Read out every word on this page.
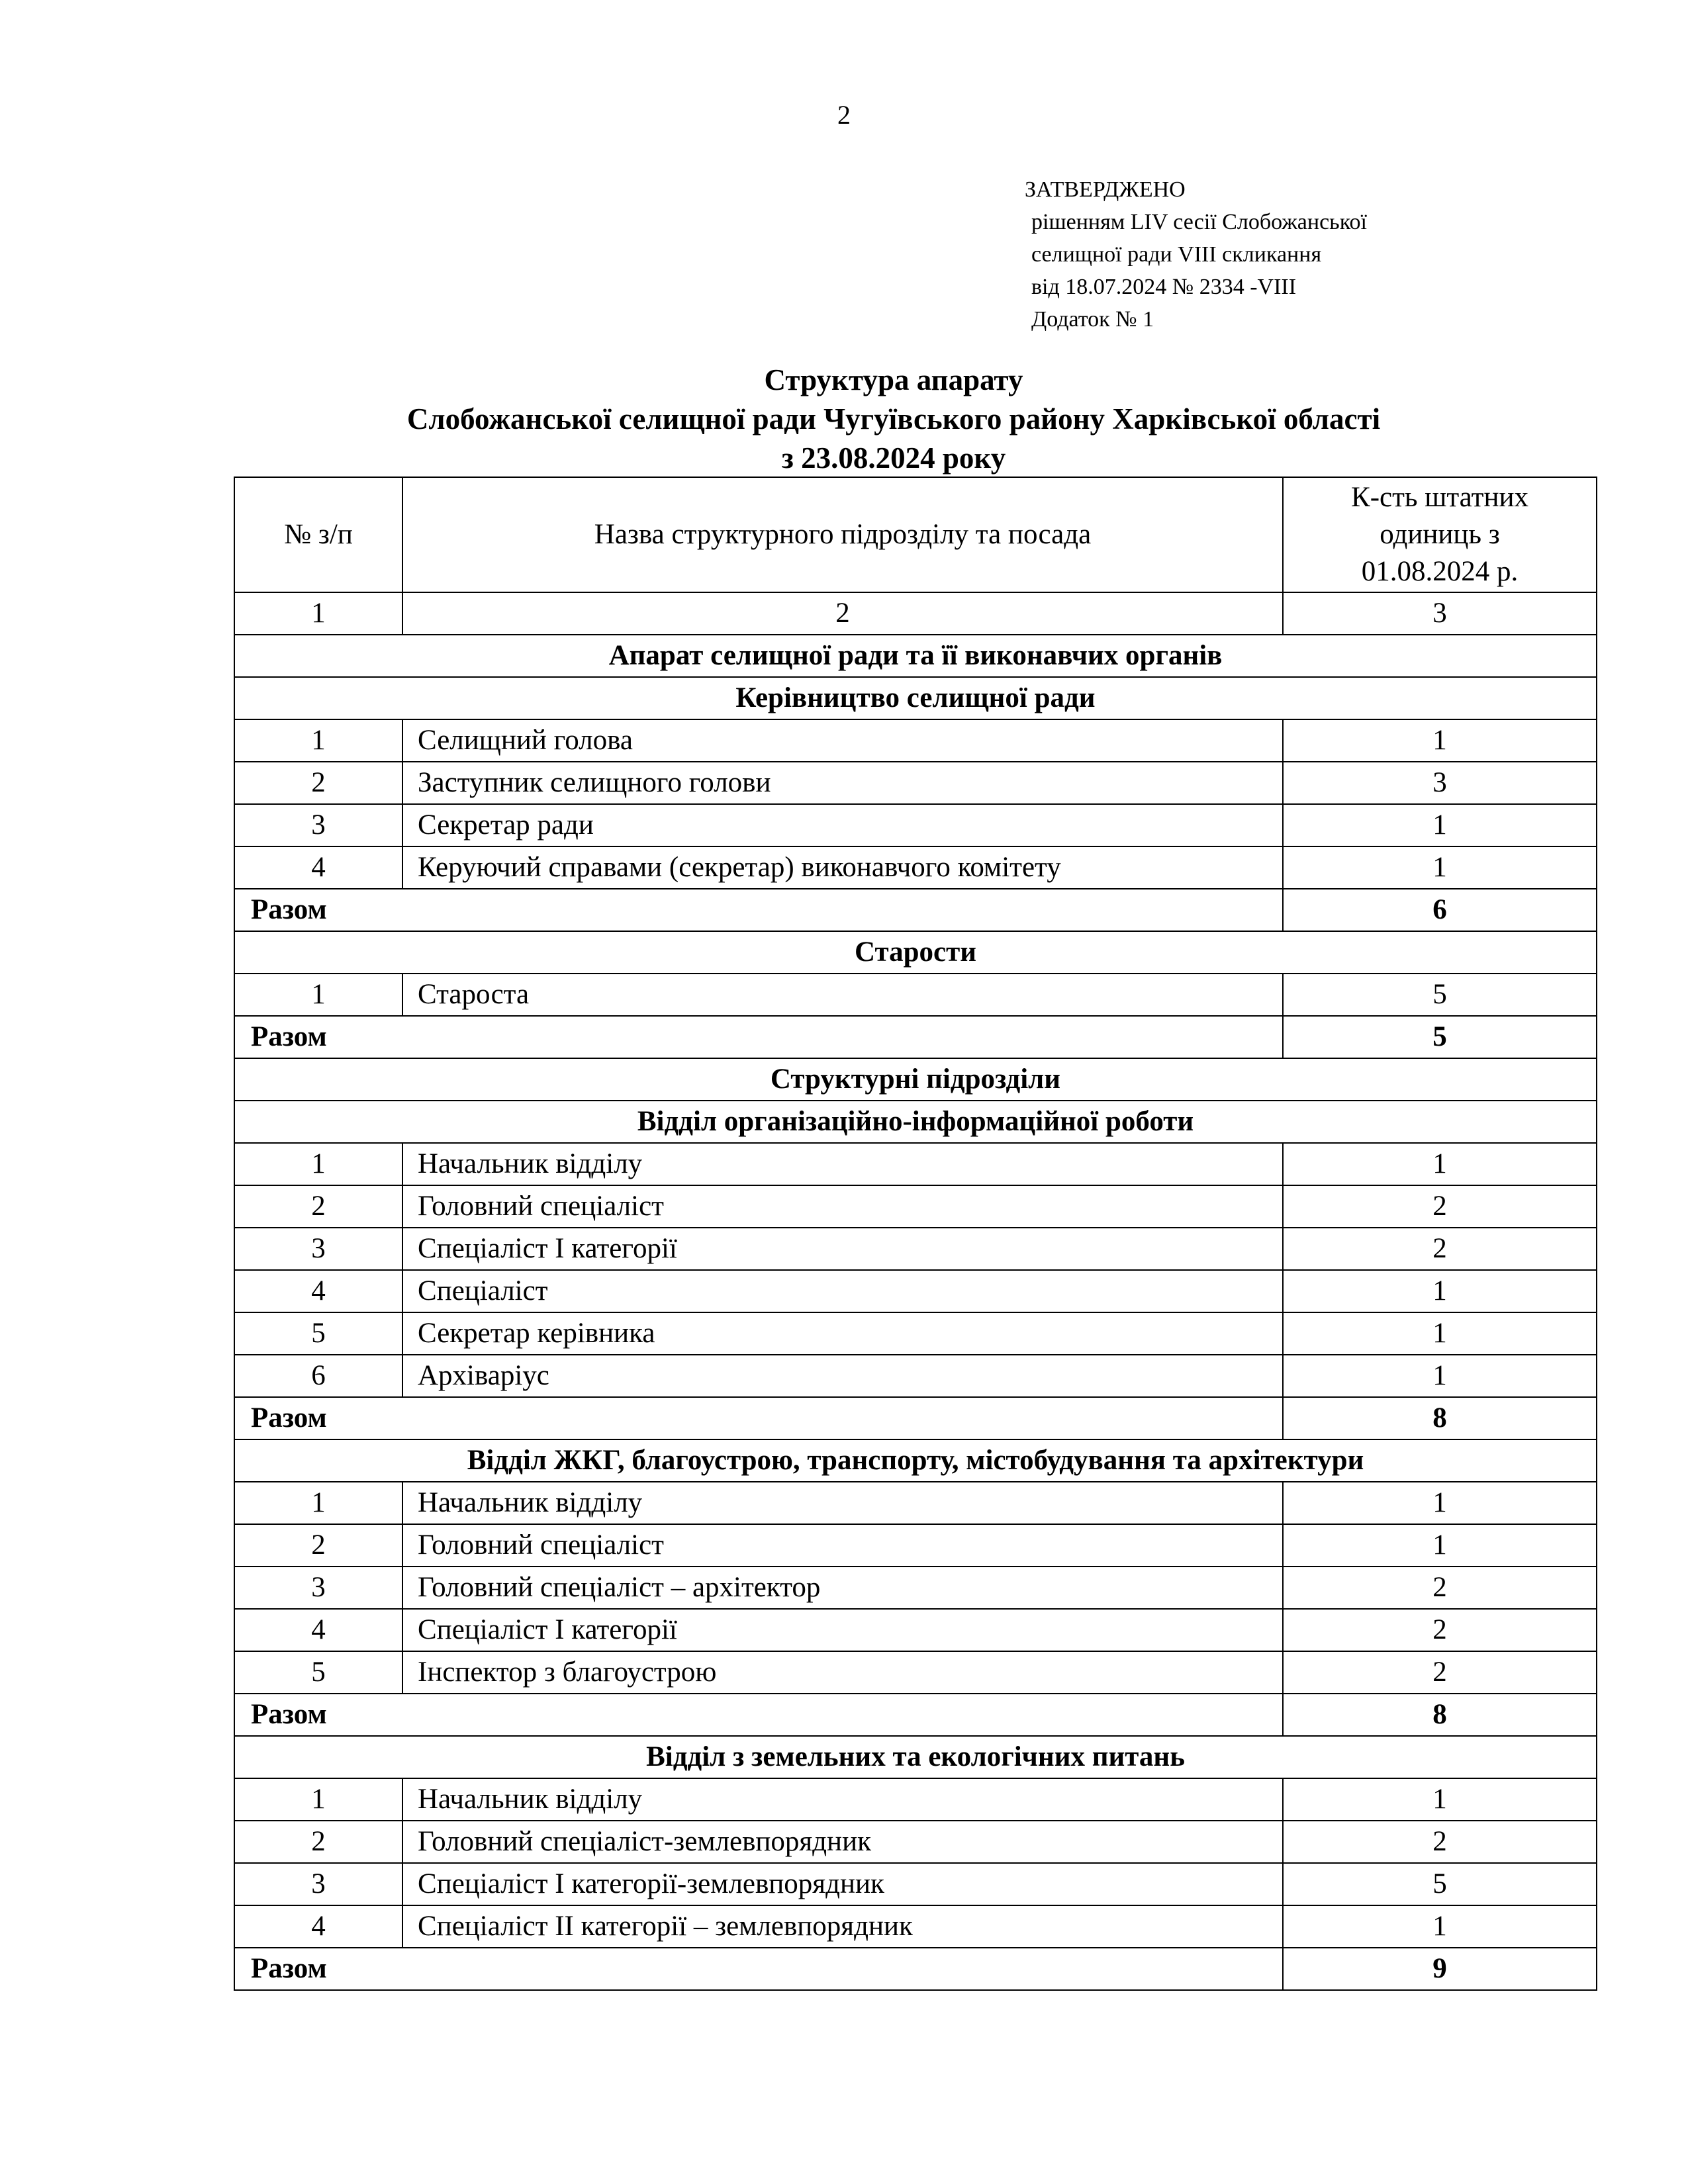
2
ЗАТВЕРДЖЕНО
рішенням LIV сесії Слобожанської
селищної ради VIII скликання
від 18.07.2024 № 2334 -VIII
Додаток № 1
Структура апарату
Слобожанської селищної ради Чугуївського району Харківської області
з 23.08.2024 року
№ з/п	Назва структурного підрозділу та посада	К-сть штатних
одиниць з
01.08.2024 р.

1	2	3
Апарат селищної ради та її виконавчих органів		
Керівництво селищної ради		
1	Селищний голова	1
2	Заступник селищного голови	3
3	Секретар ради	1
4	Керуючий справами (секретар) виконавчого комітету	1
Разом		6
Старости		
1	Староста	5
Разом		5
Структурні підрозділи		
Відділ організаційно-інформаційної роботи		
1	Начальник відділу	1
2	Головний спеціаліст	2
3	Спеціаліст І категорії	2
4	Спеціаліст	1
5	Секретар керівника	1
6	Архіваріус	1
Разом		8
Відділ ЖКГ, благоустрою, транспорту, містобудування та архітектури		
1	Начальник відділу	1
2	Головний спеціаліст	1
3	Головний спеціаліст – архітектор	2
4	Спеціаліст І категорії	2
5	Інспектор з благоустрою	2
Разом		8
Відділ з земельних та екологічних питань		
1	Начальник відділу	1
2	Головний спеціаліст-землевпорядник	2
3	Спеціаліст І категорії-землевпорядник	5
4	Спеціаліст ІІ категорії – землевпорядник	1
Разом		9
